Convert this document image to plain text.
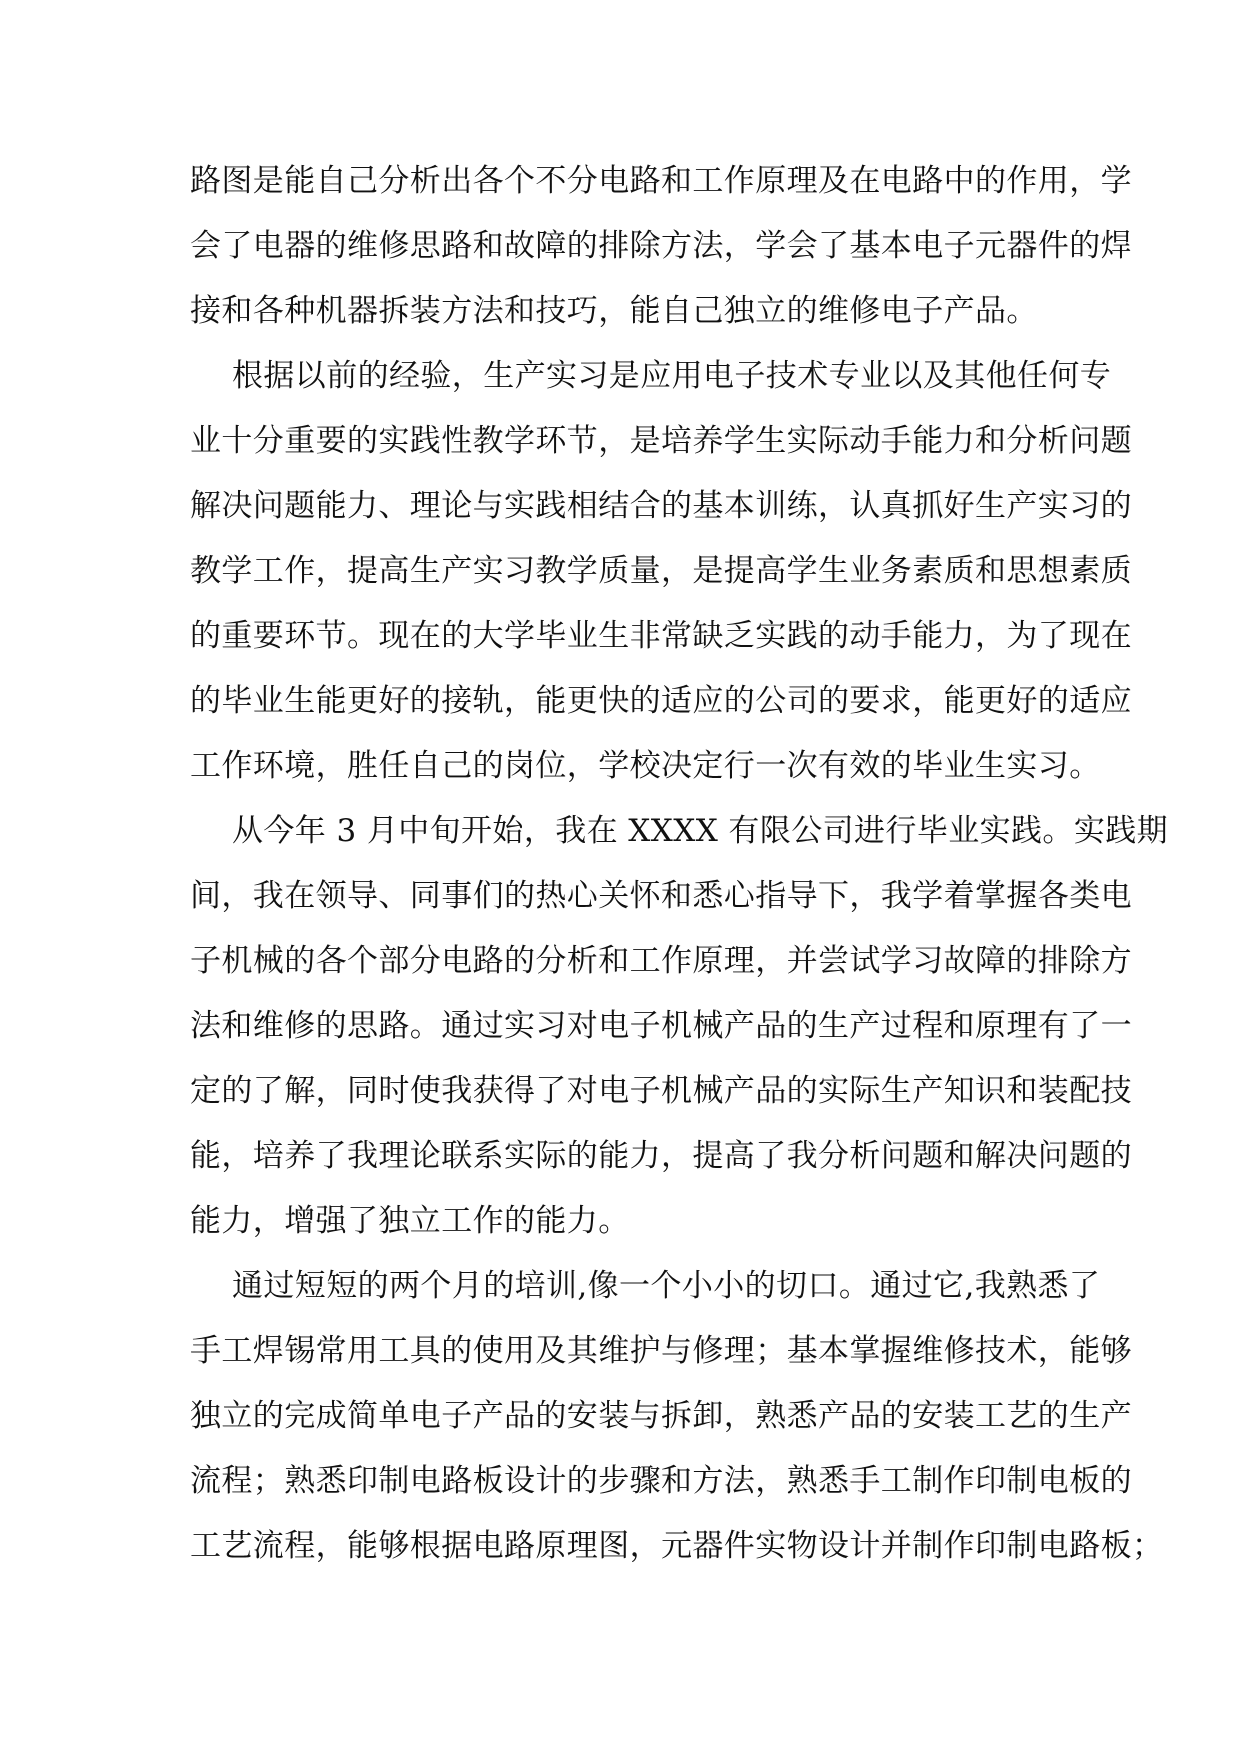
路图是能自己分析出各个不分电路和工作原理及在电路中的作用，学
会了电器的维修思路和故障的排除方法，学会了基本电子元器件的焊
接和各种机器拆装方法和技巧，能自己独立的维修电子产品。
根据以前的经验，生产实习是应用电子技术专业以及其他任何专
业十分重要的实践性教学环节，是培养学生实际动手能力和分析问题
解决问题能力、理论与实践相结合的基本训练，认真抓好生产实习的
教学工作，提高生产实习教学质量，是提高学生业务素质和思想素质
的重要环节。现在的大学毕业生非常缺乏实践的动手能力，为了现在
的毕业生能更好的接轨，能更快的适应的公司的要求，能更好的适应
工作环境，胜任自己的岗位，学校决定行一次有效的毕业生实习。
从今年 3 月中旬开始，我在 XXXX 有限公司进行毕业实践。实践期
间，我在领导、同事们的热心关怀和悉心指导下，我学着掌握各类电
子机械的各个部分电路的分析和工作原理，并尝试学习故障的排除方
法和维修的思路。通过实习对电子机械产品的生产过程和原理有了一
定的了解，同时使我获得了对电子机械产品的实际生产知识和装配技
能，培养了我理论联系实际的能力，提高了我分析问题和解决问题的
能力，增强了独立工作的能力。
通过短短的两个月的培训,像一个小小的切口。通过它,我熟悉了
手工焊锡常用工具的使用及其维护与修理；基本掌握维修技术，能够
独立的完成简单电子产品的安装与拆卸，熟悉产品的安装工艺的生产
流程；熟悉印制电路板设计的步骤和方法，熟悉手工制作印制电板的
工艺流程，能够根据电路原理图，元器件实物设计并制作印制电路板；
